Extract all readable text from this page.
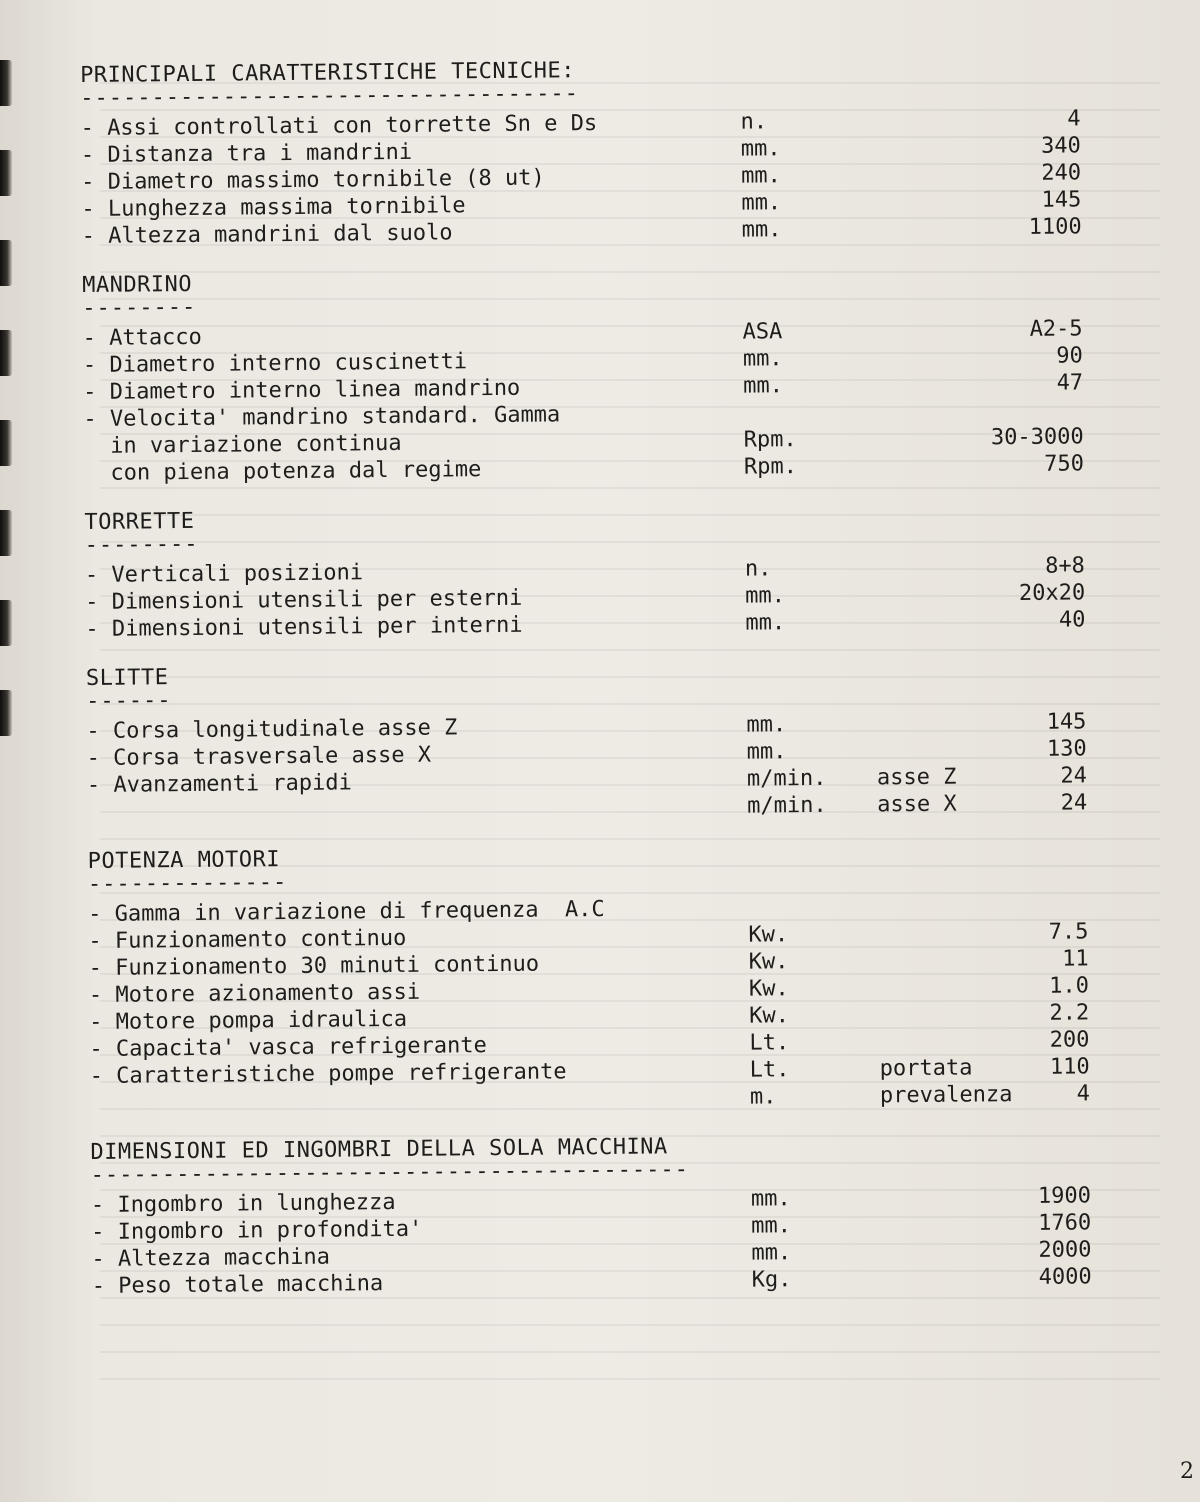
PRINCIPALI CARATTERISTICHE TECNICHE:
-----------------------------------
- Assi controllati con torrette Sn e Ds	n.	4
- Distanza tra i mandrini	mm.	340
- Diametro massimo tornibile (8 ut)	mm.	240
- Lunghezza massima tornibile	mm.	145
- Altezza mandrini dal suolo	mm.	1100
MANDRINO
--------
- Attacco	ASA	A2-5
- Diametro interno cuscinetti	mm.	90
- Diametro interno linea mandrino	mm.	47
- Velocita' mandrino standard. Gamma
in variazione continua	Rpm.	30-3000
con piena potenza dal regime	Rpm.	750
TORRETTE
--------
- Verticali posizioni	n.	8+8
- Dimensioni utensili per esterni	mm.	20x20
- Dimensioni utensili per interni	mm.	40
SLITTE
------
- Corsa longitudinale asse Z	mm.	145
- Corsa trasversale asse X	mm.	130
- Avanzamenti rapidi	m/min. asse Z	24
m/min. asse X	24
POTENZA MOTORI
--------------
- Gamma in variazione di frequenza  A.C
- Funzionamento continuo	Kw.	7.5
- Funzionamento 30 minuti continuo	Kw.	11
- Motore azionamento assi	Kw.	1.0
- Motore pompa idraulica	Kw.	2.2
- Capacita' vasca refrigerante	Lt.	200
- Caratteristiche pompe refrigerante	Lt.	portata	110
m.	prevalenza	4
DIMENSIONI ED INGOMBRI DELLA SOLA MACCHINA
------------------------------------------
- Ingombro in lunghezza	mm.	1900
- Ingombro in profondita'	mm.	1760
- Altezza macchina	mm.	2000
- Peso totale macchina	Kg.	4000
2
